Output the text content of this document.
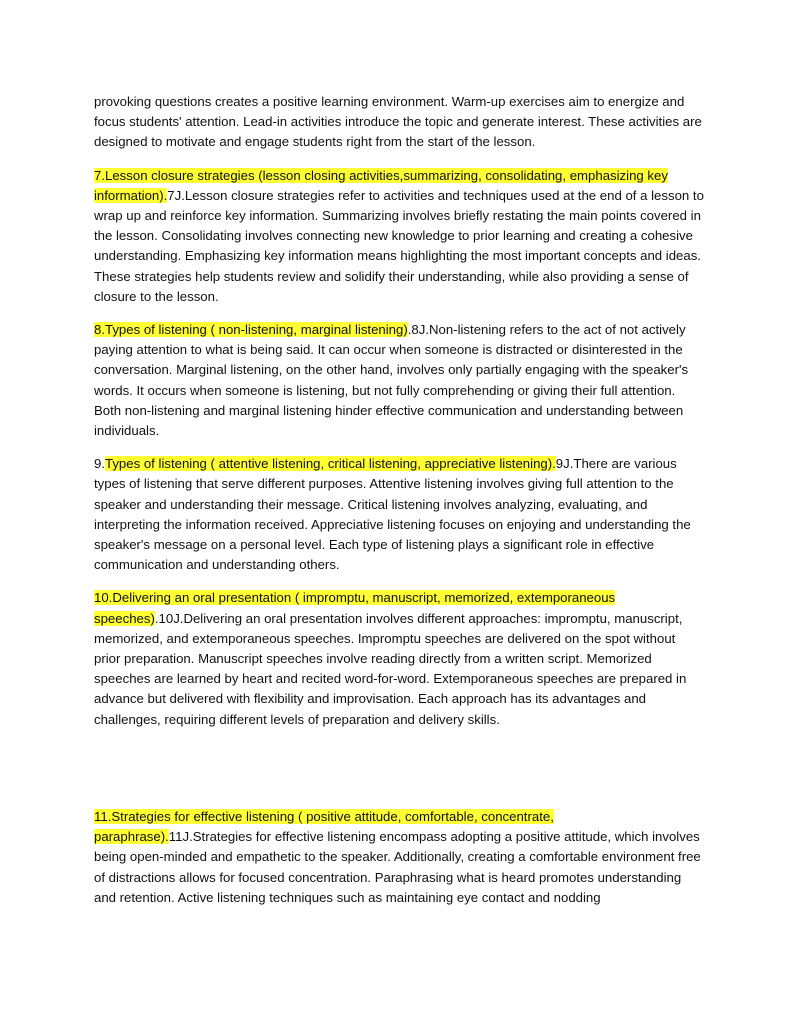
provoking questions creates a positive learning environment. Warm-up exercises aim to energize and focus students' attention. Lead-in activities introduce the topic and generate interest. These activities are designed to motivate and engage students right from the start of the lesson.

7.Lesson closure strategies (lesson closing activities,summarizing, consolidating, emphasizing key information).7J.Lesson closure strategies refer to activities and techniques used at the end of a lesson to wrap up and reinforce key information. Summarizing involves briefly restating the main points covered in the lesson. Consolidating involves connecting new knowledge to prior learning and creating a cohesive understanding. Emphasizing key information means highlighting the most important concepts and ideas. These strategies help students review and solidify their understanding, while also providing a sense of closure to the lesson.

8.Types of listening ( non-listening, marginal listening).8J.Non-listening refers to the act of not actively paying attention to what is being said. It can occur when someone is distracted or disinterested in the conversation. Marginal listening, on the other hand, involves only partially engaging with the speaker's words. It occurs when someone is listening, but not fully comprehending or giving their full attention. Both non-listening and marginal listening hinder effective communication and understanding between individuals.

9.Types of listening ( attentive listening, critical listening, appreciative listening).9J.There are various types of listening that serve different purposes. Attentive listening involves giving full attention to the speaker and understanding their message. Critical listening involves analyzing, evaluating, and interpreting the information received. Appreciative listening focuses on enjoying and understanding the speaker's message on a personal level. Each type of listening plays a significant role in effective communication and understanding others.

10.Delivering an oral presentation ( impromptu, manuscript, memorized, extemporaneous speeches).10J.Delivering an oral presentation involves different approaches: impromptu, manuscript, memorized, and extemporaneous speeches. Impromptu speeches are delivered on the spot without prior preparation. Manuscript speeches involve reading directly from a written script. Memorized speeches are learned by heart and recited word-for-word. Extemporaneous speeches are prepared in advance but delivered with flexibility and improvisation. Each approach has its advantages and challenges, requiring different levels of preparation and delivery skills.

11.Strategies for effective listening ( positive attitude, comfortable, concentrate, paraphrase).11J.Strategies for effective listening encompass adopting a positive attitude, which involves being open-minded and empathetic to the speaker. Additionally, creating a comfortable environment free of distractions allows for focused concentration. Paraphrasing what is heard promotes understanding and retention. Active listening techniques such as maintaining eye contact and nodding
